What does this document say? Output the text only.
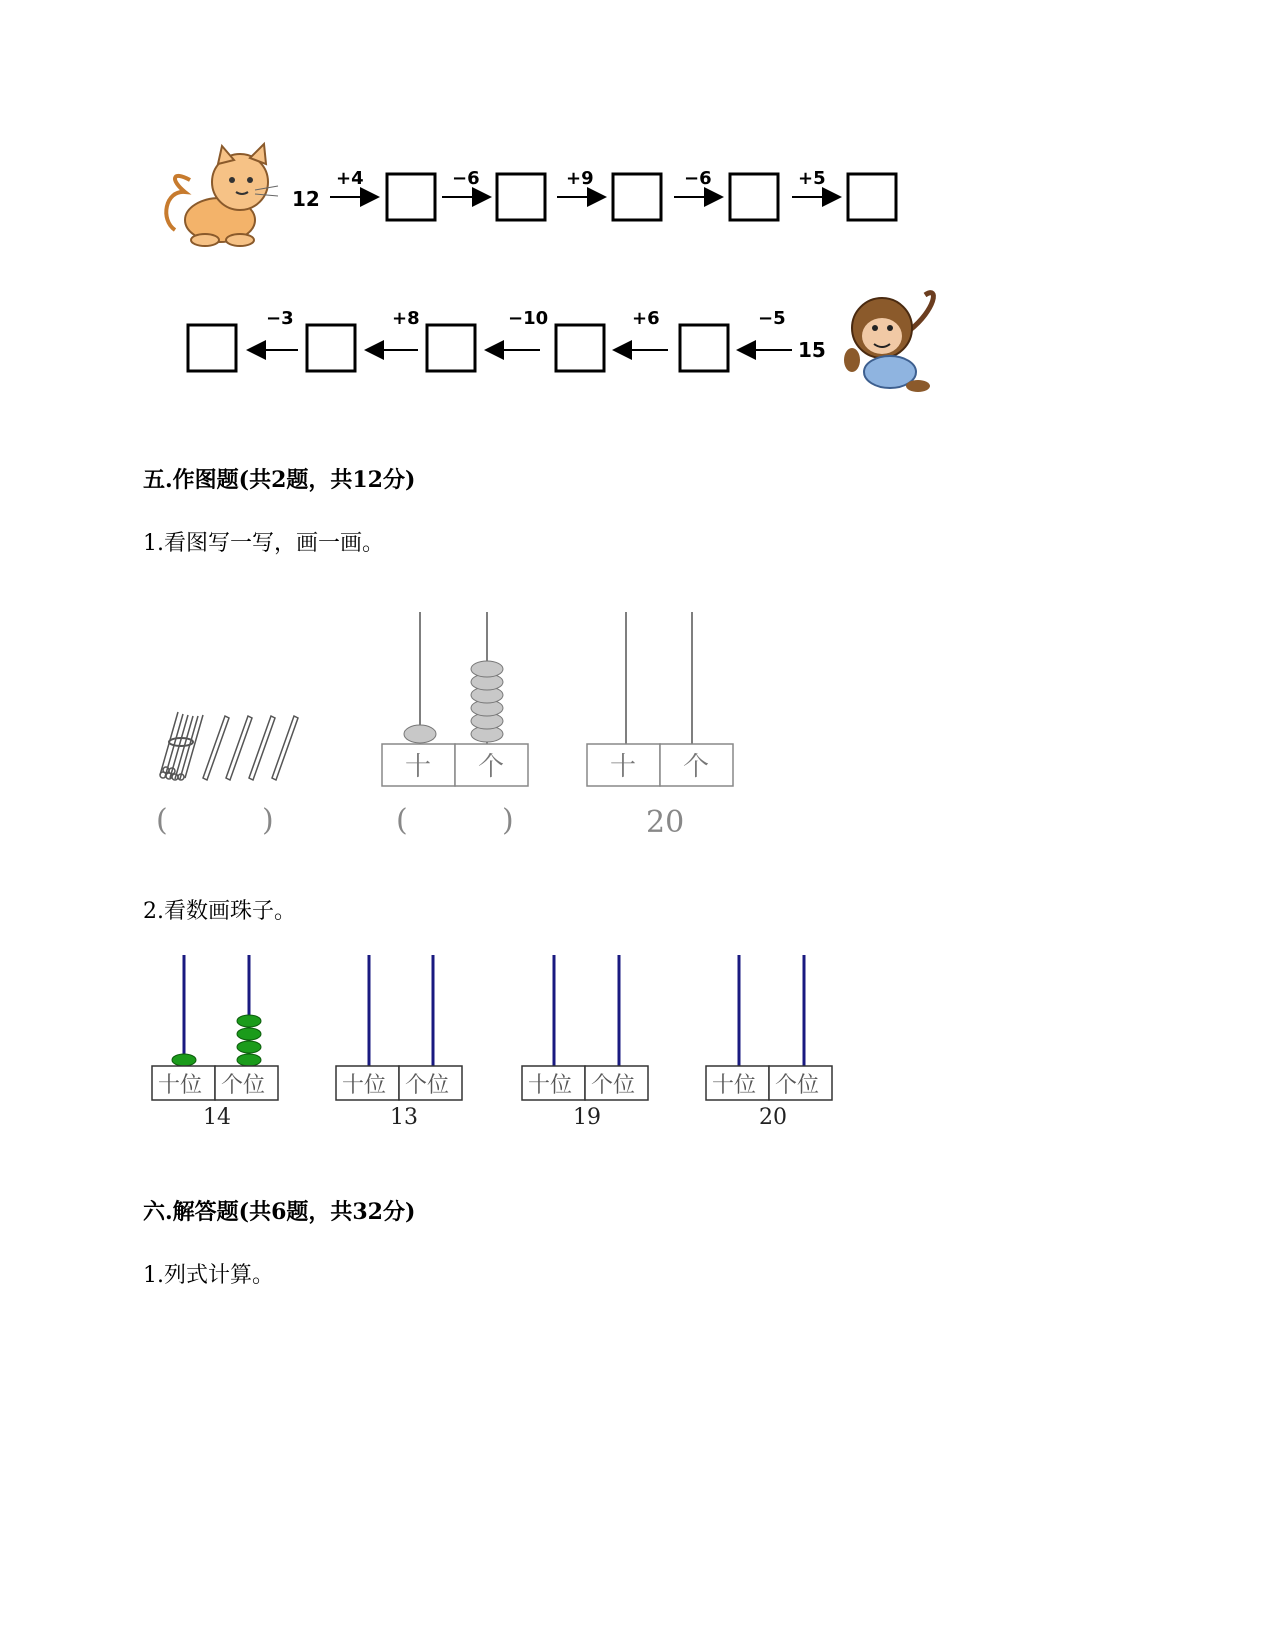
12
+4	−6	+9	−6	+5
−3	+8	−10	+6	−5
15
五.作图题(共2题，共12分)
1.看图写一写，画一画。
(	)
十 个
(	)
十 个
20
2.看数画珠子。
十位 个位
14
十位 个位
13
十位 个位
19
十位 个位
20
六.解答题(共6题，共32分)
1.列式计算。
